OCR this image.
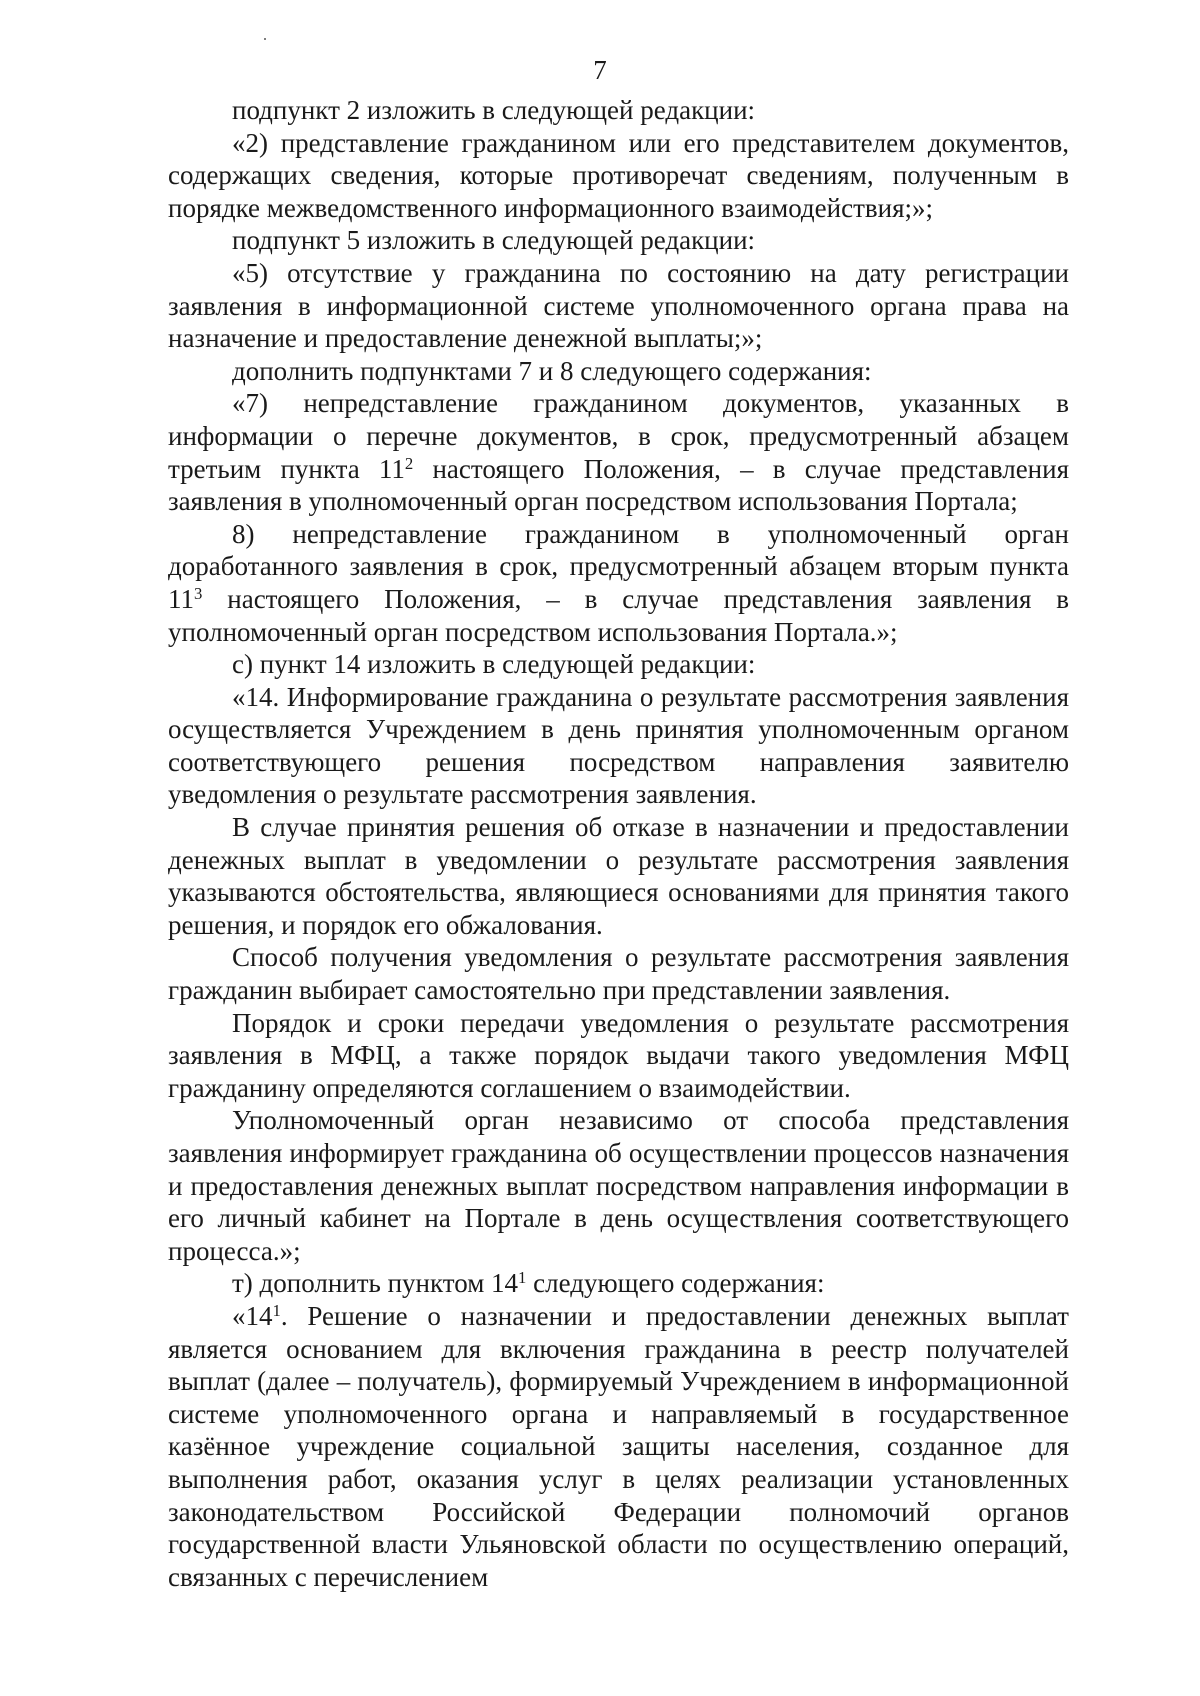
7

подпункт 2 изложить в следующей редакции:

«2) представление гражданином или его представителем документов, содержащих сведения, которые противоречат сведениям, полученным в порядке межведомственного информационного взаимодействия;»;

подпункт 5 изложить в следующей редакции:

«5) отсутствие у гражданина по состоянию на дату регистрации заявления в информационной системе уполномоченного органа права на назначение и предоставление денежной выплаты;»;

дополнить подпунктами 7 и 8 следующего содержания:

«7) непредставление гражданином документов, указанных в информации о перечне документов, в срок, предусмотренный абзацем третьим пункта $11^2$ настоящего Положения, – в случае представления заявления в уполномоченный орган посредством использования Портала;

8) непредставление гражданином в уполномоченный орган доработанного заявления в срок, предусмотренный абзацем вторым пункта $11^3$ настоящего Положения, – в случае представления заявления в уполномоченный орган посредством использования Портала.»;

с) пункт 14 изложить в следующей редакции:

«14. Информирование гражданина о результате рассмотрения заявления осуществляется Учреждением в день принятия уполномоченным органом соответствующего решения посредством направления заявителю уведомления о результате рассмотрения заявления.

В случае принятия решения об отказе в назначении и предоставлении денежных выплат в уведомлении о результате рассмотрения заявления указываются обстоятельства, являющиеся основаниями для принятия такого решения, и порядок его обжалования.

Способ получения уведомления о результате рассмотрения заявления гражданин выбирает самостоятельно при представлении заявления.

Порядок и сроки передачи уведомления о результате рассмотрения заявления в МФЦ, а также порядок выдачи такого уведомления МФЦ гражданину определяются соглашением о взаимодействии.

Уполномоченный орган независимо от способа представления заявления информирует гражданина об осуществлении процессов назначения и предоставления денежных выплат посредством направления информации в его личный кабинет на Портале в день осуществления соответствующего процесса.»;

т) дополнить пунктом $14^1$ следующего содержания:

«$14^1$. Решение о назначении и предоставлении денежных выплат является основанием для включения гражданина в реестр получателей выплат (далее – получатель), формируемый Учреждением в информационной системе уполномоченного органа и направляемый в государственное казённое учреждение социальной защиты населения, созданное для выполнения работ, оказания услуг в целях реализации установленных законодательством Российской Федерации полномочий органов государственной власти Ульяновской области по осуществлению операций, связанных с перечислением
